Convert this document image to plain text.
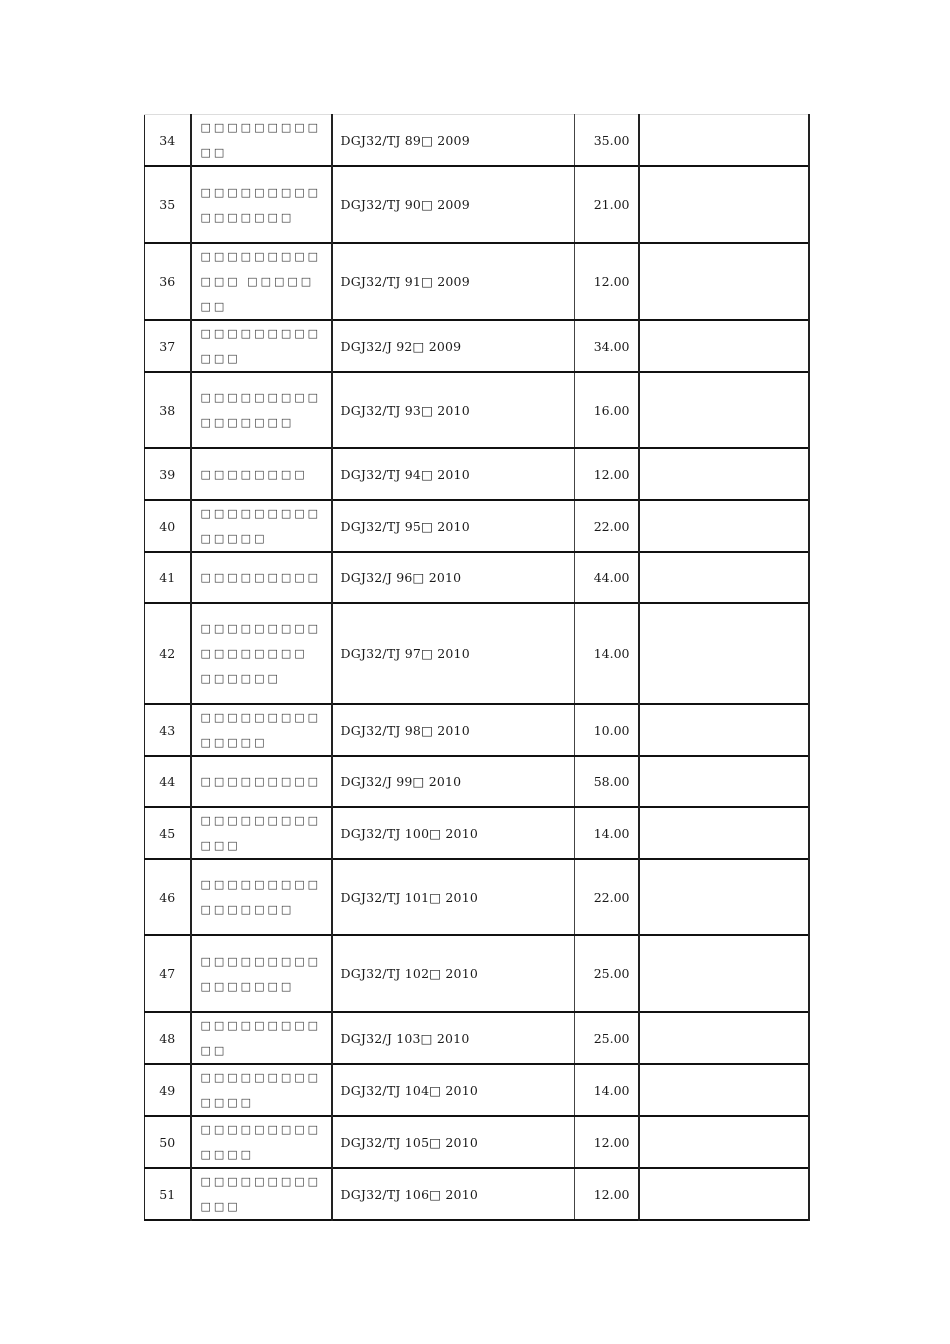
34	□□□□□□□□□□□	DGJ32/TJ 89□ 2009	35.00	
35	□□□□□□□□□□□□□□□□	DGJ32/TJ 90□ 2009	21.00	
36	□□□□□□□□□□□□ □□□□□□□	DGJ32/TJ 91□ 2009	12.00	
37	□□□□□□□□□□□□	DGJ32/J 92□ 2009	34.00	
38	□□□□□□□□□□□□□□□□	DGJ32/TJ 93□ 2010	16.00	
39	□□□□□□□□	DGJ32/TJ 94□ 2010	12.00	
40	□□□□□□□□□□□□□□	DGJ32/TJ 95□ 2010	22.00	
41	□□□□□□□□□	DGJ32/J 96□ 2010	44.00	
42	□□□□□□□□□□□□□□□□□ □□□□□□	DGJ32/TJ 97□ 2010	14.00	
43	□□□□□□□□□□□□□□	DGJ32/TJ 98□ 2010	10.00	
44	□□□□□□□□□	DGJ32/J 99□ 2010	58.00	
45	□□□□□□□□□□□□	DGJ32/TJ 100□ 2010	14.00	
46	□□□□□□□□□□□□□□□□	DGJ32/TJ 101□ 2010	22.00	
47	□□□□□□□□□□□□□□□□	DGJ32/TJ 102□ 2010	25.00	
48	□□□□□□□□□□□	DGJ32/J 103□ 2010	25.00	
49	□□□□□□□□□□□□□	DGJ32/TJ 104□ 2010	14.00	
50	□□□□□□□□□□□□□	DGJ32/TJ 105□ 2010	12.00	
51	□□□□□□□□□□□□	DGJ32/TJ 106□ 2010	12.00	
